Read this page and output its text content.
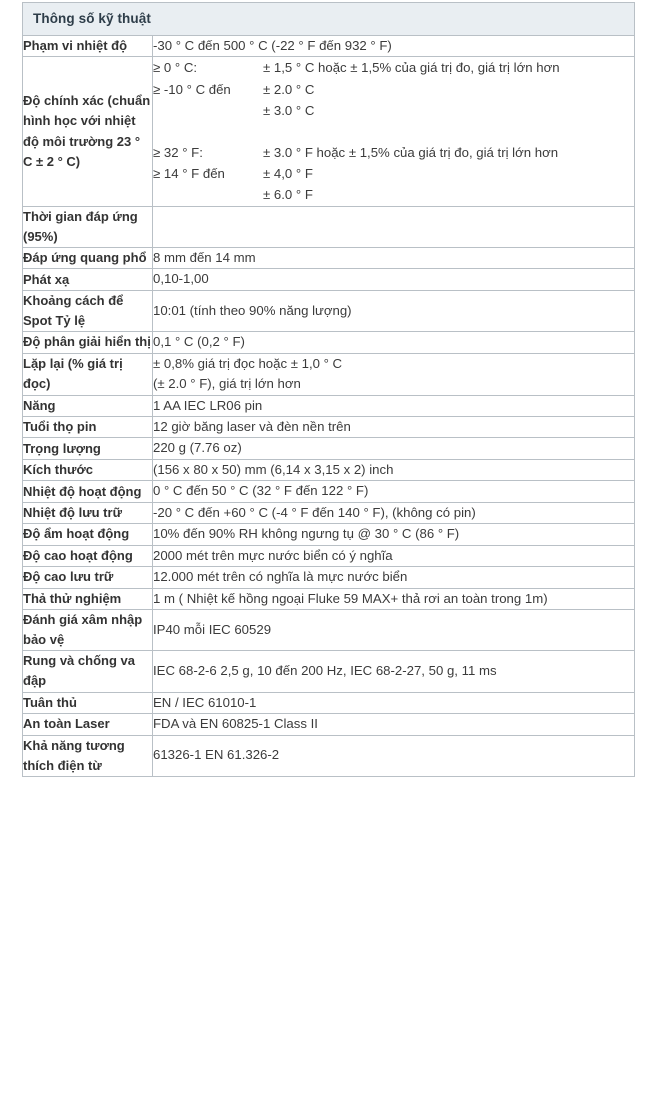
Thông số kỹ thuật	
Phạm vi nhiệt độ	-30 ° C đến 500 ° C (-22 ° F đến 932 ° F)

Độ chính xác (chuẩn hình học với nhiệt độ môi trường 23 ° C ± 2 ° C)	
≥ 0 ° C:	± 1,5 ° C hoặc ± 1,5% của giá trị đo, giá trị lớn hơn
≥ -10 ° C đến	± 2.0 ° C
	± 3.0 ° C
≥ 32 ° F:	± 3.0 ° F hoặc ± 1,5% của giá trị đo, giá trị lớn hơn
≥ 14 ° F đến	± 4,0 ° F
	± 6.0 ° F

Thời gian đáp ứng (95%)	

Đáp ứng quang phổ	8 mm đến 14 mm

Phát xạ	0,10-1,00

Khoảng cách để Spot Tỷ lệ	10:01 (tính theo 90% năng lượng)

Độ phân giải hiển thị	0,1 ° C (0,2 ° F)

Lặp lại (% giá trị đọc)	± 0,8% giá trị đọc hoặc ± 1,0 ° C
(± 2.0 ° F), giá trị lớn hơn

Năng	1 AA IEC LR06 pin

Tuổi thọ pin	12 giờ băng laser và đèn nền trên

Trọng lượng	220 g (7.76 oz)

Kích thước	(156 x 80 x 50) mm (6,14 x 3,15 x 2) inch

Nhiệt độ hoạt động	0 ° C đến 50 ° C (32 ° F đến 122 ° F)

Nhiệt độ lưu trữ	-20 ° C đến +60 ° C (-4 ° F đến 140 ° F), (không có pin)

Độ ẩm hoạt động	10% đến 90% RH không ngưng tụ @ 30 ° C (86 ° F)

Độ cao hoạt động	2000 mét trên mực nước biển có ý nghĩa

Độ cao lưu trữ	12.000 mét trên có nghĩa là mực nước biển

Thả thử nghiệm	1 m ( Nhiệt kế hồng ngoại Fluke 59 MAX+ thả rơi an toàn trong 1m)

Đánh giá xâm nhập bảo vệ	IP40 mỗi IEC 60529

Rung và chống va đập	IEC 68-2-6 2,5 g, 10 đến 200 Hz, IEC 68-2-27, 50 g, 11 ms

Tuân thủ	EN / IEC 61010-1

An toàn Laser	FDA và EN 60825-1 Class II

Khả năng tương thích điện từ	61326-1 EN 61.326-2
